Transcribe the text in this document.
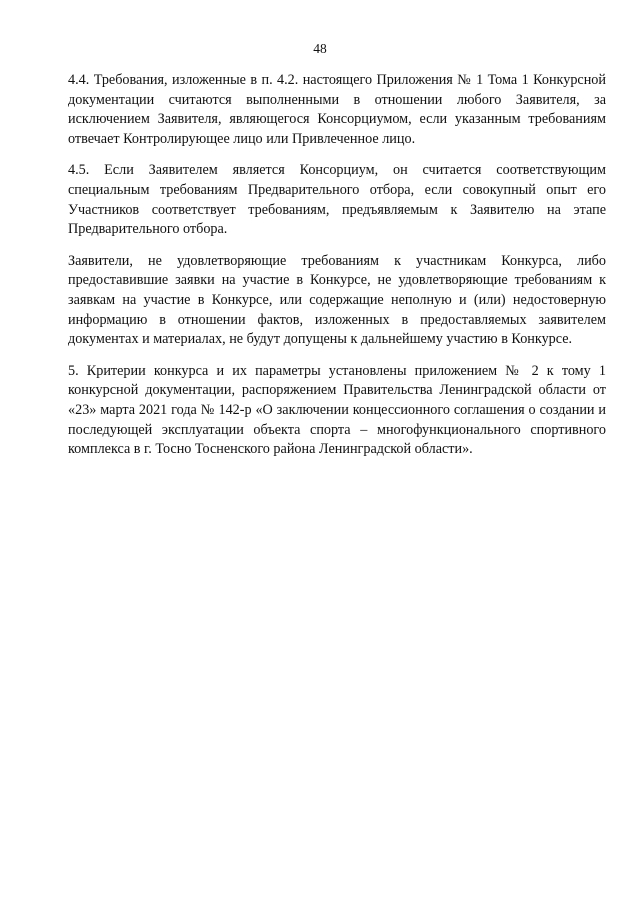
48

4.4. Требования, изложенные в п. 4.2. настоящего Приложения № 1 Тома 1 Конкурсной документации считаются выполненными в отношении любого Заявителя, за исключением Заявителя, являющегося Консорциумом, если указанным требованиям отвечает Контролирующее лицо или Привлеченное лицо.

4.5. Если Заявителем является Консорциум, он считается соответствующим специальным требованиям Предварительного отбора, если совокупный опыт его Участников соответствует требованиям, предъявляемым к Заявителю на этапе Предварительного отбора.

Заявители, не удовлетворяющие требованиям к участникам Конкурса, либо предоставившие заявки на участие в Конкурсе, не удовлетворяющие требованиям к заявкам на участие в Конкурсе, или содержащие неполную и (или) недостоверную информацию в отношении фактов, изложенных в предоставляемых заявителем документах и материалах, не будут допущены к дальнейшему участию в Конкурсе.

5. Критерии конкурса и их параметры установлены приложением № 2 к тому 1 конкурсной документации, распоряжением Правительства Ленинградской области от «23» марта 2021 года № 142-р «О заключении концессионного соглашения о создании и последующей эксплуатации объекта спорта – многофункционального спортивного комплекса в г. Тосно Тосненского района Ленинградской области».
